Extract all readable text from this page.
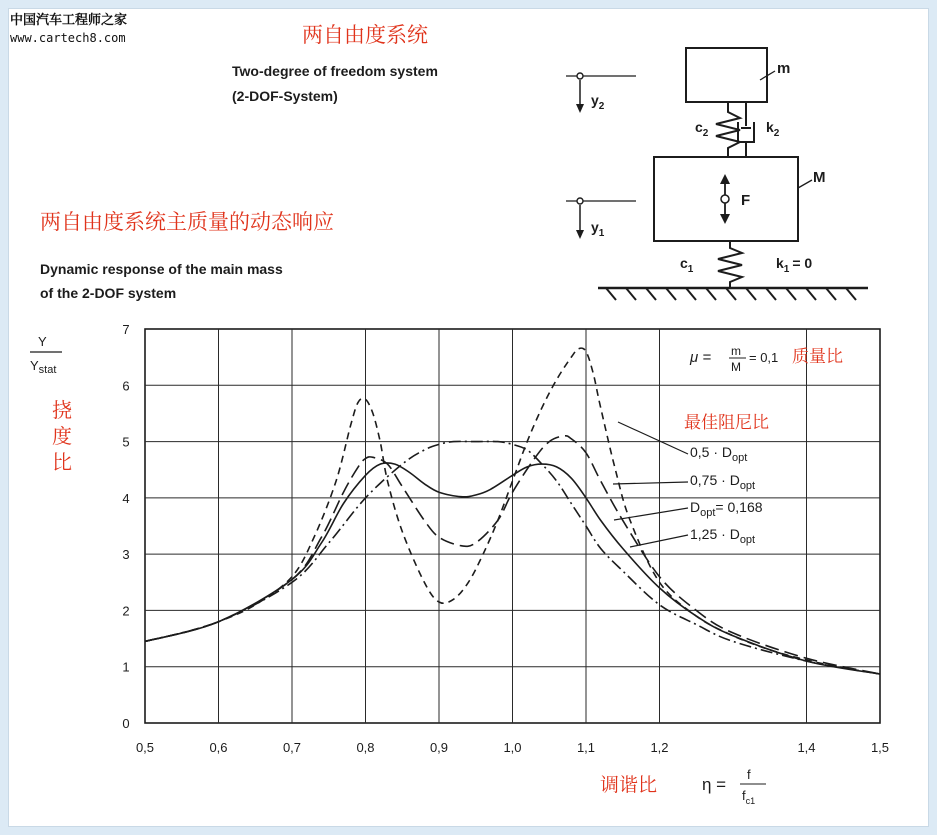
中国汽车工程师之家
www.cartech8.com	两自由度系统
Two-degree of freedom system
(2-DOF-System)
两自由度系统主质量的动态响应
Dynamic response of the main mass
of the 2-DOF system
m
M
F
$c_2$	$k_2$
$c_1$	$k_1 = 0$
$y_2$
$y_1$
Y
$Y_{stat}$
挠
度
比
0,5	0,6	0,7	0,8	0,9	1,0	1,1	1,2	1,4	1,5
0
1
2
3
4
5
6
7
μ = m
M
= 0,1 质量比
最佳阻尼比
$0,5 \cdot D_{opt}$
$0,75 \cdot D_{opt}$
$D_{opt}= 0,168$
$1,25 \cdot D_{opt}$
调谐比	η =
f
$f_{c1}$
